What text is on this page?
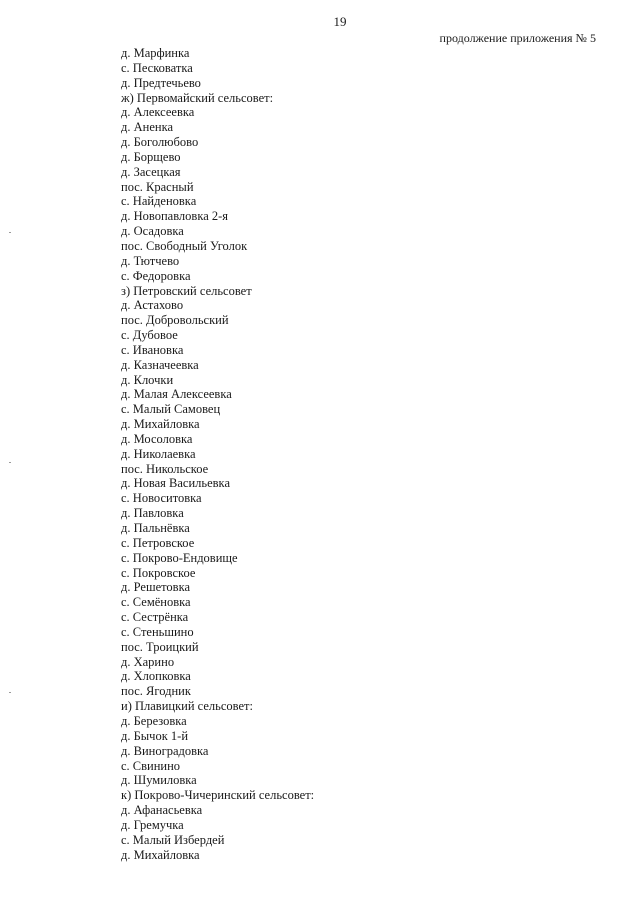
19
продолжение приложения № 5
д. Марфинка
с. Песковатка
д. Предтечьево
ж) Первомайский сельсовет:
д. Алексеевка
д. Аненка
д. Боголюбово
д. Борщево
д. Засецкая
пос. Красный
с. Найденовка
д. Новопавловка 2-я
д. Осадовка
пос. Свободный Уголок
д. Тютчево
с. Федоровка
з) Петровский сельсовет
д. Астахово
пос. Добровольский
с. Дубовое
с. Ивановка
д. Казначеевка
д. Клочки
д. Малая Алексеевка
с. Малый Самовец
д. Михайловка
д. Мосоловка
д. Николаевка
пос. Никольское
д. Новая Васильевка
с. Новоситовка
д. Павловка
д. Пальнёвка
с. Петровское
с. Покрово-Ендовище
с. Покровское
д. Решетовка
с. Семёновка
с. Сестрёнка
с. Стеньшино
пос. Троицкий
д. Харино
д. Хлопковка
пос. Ягодник
и) Плавицкий сельсовет:
д. Березовка
д. Бычок 1-й
д. Виноградовка
с. Свинино
д. Шумиловка
к) Покрово-Чичеринский сельсовет:
д. Афанасьевка
д. Гремучка
с. Малый Избердей
д. Михайловка
